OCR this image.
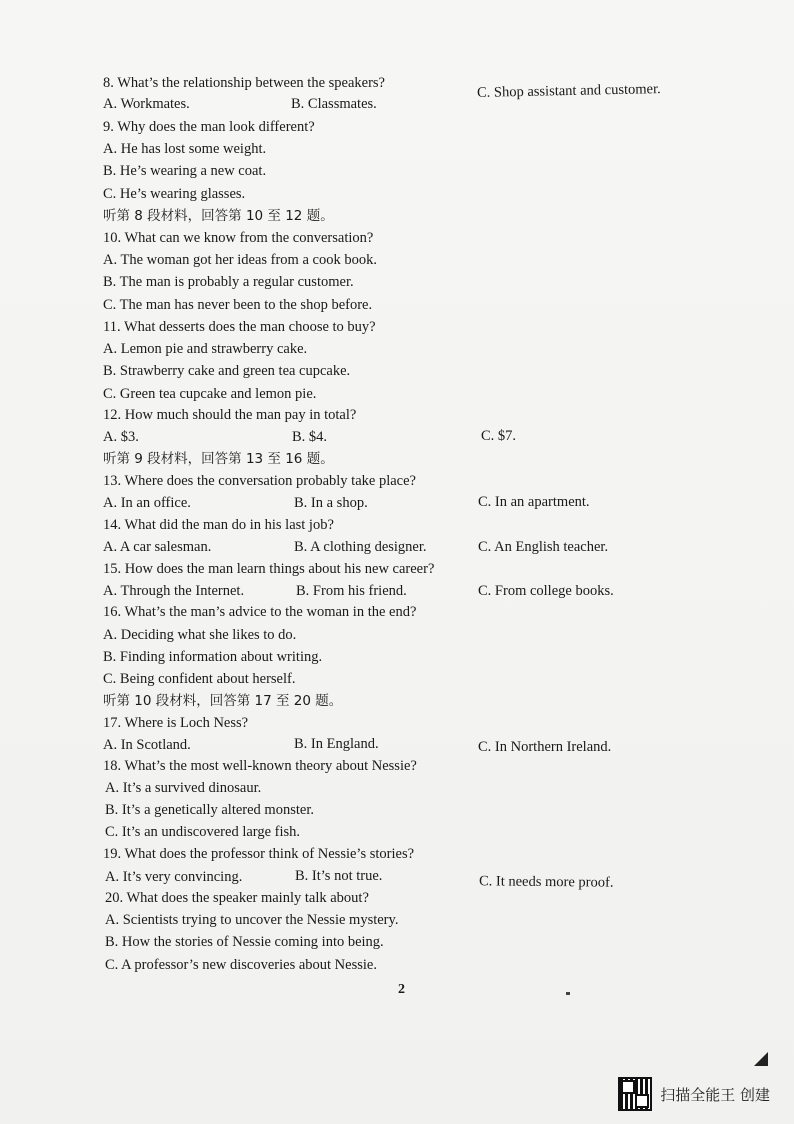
8. What’s the relationship between the speakers?
A. Workmates.	B. Classmates.
C. Shop assistant and customer.
9. Why does the man look different?
A. He has lost some weight.
B. He’s wearing a new coat.
C. He’s wearing glasses.
听第 8 段材料，回答第 10 至 12 题。
10. What can we know from the conversation?
A. The woman got her ideas from a cook book.
B. The man is probably a regular customer.
C. The man has never been to the shop before.
11. What desserts does the man choose to buy?
A. Lemon pie and strawberry cake.
B. Strawberry cake and green tea cupcake.
C. Green tea cupcake and lemon pie.
12. How much should the man pay in total?
A. $3.	B. $4.	C. $7.
听第 9 段材料，回答第 13 至 16 题。
13. Where does the conversation probably take place?
A. In an office.	B. In a shop.	C. In an apartment.
14. What did the man do in his last job?
A. A car salesman.	B. A clothing designer.	C. An English teacher.
15. How does the man learn things about his new career?
A. Through the Internet.	B. From his friend.	C. From college books.
16. What’s the man’s advice to the woman in the end?
A. Deciding what she likes to do.
B. Finding information about writing.
C. Being confident about herself.
听第 10 段材料，回答第 17 至 20 题。
17. Where is Loch Ness?
A. In Scotland.	B. In England.	C. In Northern Ireland.
18. What’s the most well-known theory about Nessie?
A. It’s a survived dinosaur.
B. It’s a genetically altered monster.
C. It’s an undiscovered large fish.
19. What does the professor think of Nessie’s stories?
A. It’s very convincing.	B. It’s not true.	C. It needs more proof.
20. What does the speaker mainly talk about?
A. Scientists trying to uncover the Nessie mystery.
B. How the stories of Nessie coming into being.
C. A professor’s new discoveries about Nessie.
2
扫描全能王 创建
